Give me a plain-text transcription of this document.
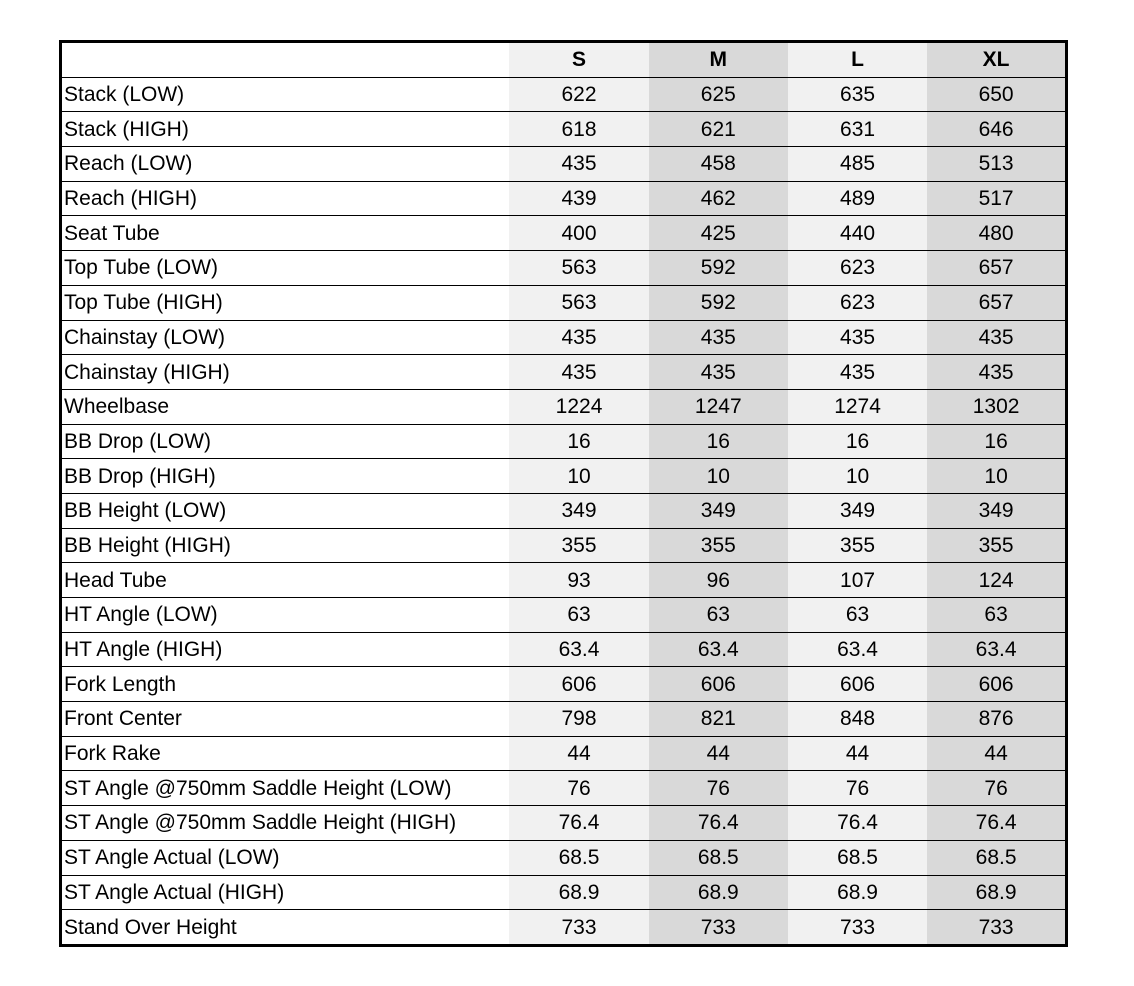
	S	M	L	XL
Stack (LOW)	622	625	635	650
Stack (HIGH)	618	621	631	646
Reach (LOW)	435	458	485	513
Reach (HIGH)	439	462	489	517
Seat Tube	400	425	440	480
Top Tube (LOW)	563	592	623	657
Top Tube (HIGH)	563	592	623	657
Chainstay (LOW)	435	435	435	435
Chainstay (HIGH)	435	435	435	435
Wheelbase	1224	1247	1274	1302
BB Drop (LOW)	16	16	16	16
BB Drop (HIGH)	10	10	10	10
BB Height (LOW)	349	349	349	349
BB Height (HIGH)	355	355	355	355
Head Tube	93	96	107	124
HT Angle (LOW)	63	63	63	63
HT Angle (HIGH)	63.4	63.4	63.4	63.4
Fork Length	606	606	606	606
Front Center	798	821	848	876
Fork Rake	44	44	44	44
ST Angle @750mm Saddle Height (LOW)	76	76	76	76
ST Angle @750mm Saddle Height (HIGH)	76.4	76.4	76.4	76.4
ST Angle Actual (LOW)	68.5	68.5	68.5	68.5
ST Angle Actual (HIGH)	68.9	68.9	68.9	68.9
Stand Over Height	733	733	733	733
